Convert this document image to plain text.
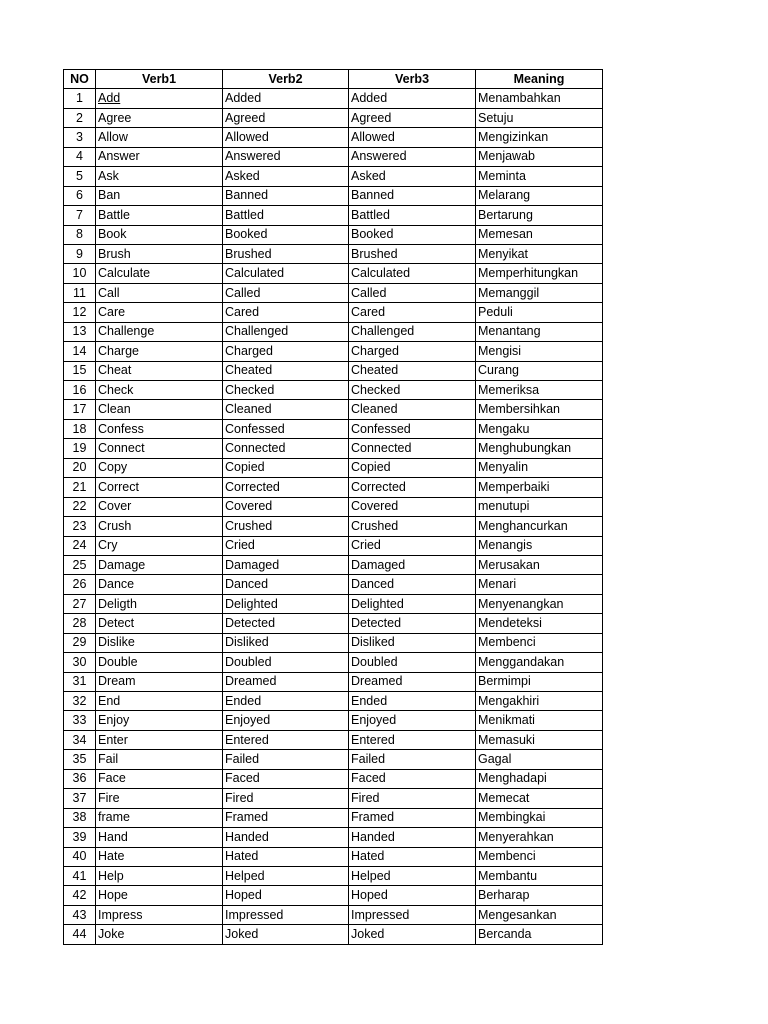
NO	Verb1	Verb2	Verb3	Meaning
1	Add	Added	Added	Menambahkan
2	Agree	Agreed	Agreed	Setuju
3	Allow	Allowed	Allowed	Mengizinkan
4	Answer	Answered	Answered	Menjawab
5	Ask	Asked	Asked	Meminta
6	Ban	Banned	Banned	Melarang
7	Battle	Battled	Battled	Bertarung
8	Book	Booked	Booked	Memesan
9	Brush	Brushed	Brushed	Menyikat
10	Calculate	Calculated	Calculated	Memperhitungkan
11	Call	Called	Called	Memanggil
12	Care	Cared	Cared	Peduli
13	Challenge	Challenged	Challenged	Menantang
14	Charge	Charged	Charged	Mengisi
15	Cheat	Cheated	Cheated	Curang
16	Check	Checked	Checked	Memeriksa
17	Clean	Cleaned	Cleaned	Membersihkan
18	Confess	Confessed	Confessed	Mengaku
19	Connect	Connected	Connected	Menghubungkan
20	Copy	Copied	Copied	Menyalin
21	Correct	Corrected	Corrected	Memperbaiki
22	Cover	Covered	Covered	menutupi
23	Crush	Crushed	Crushed	Menghancurkan
24	Cry	Cried	Cried	Menangis
25	Damage	Damaged	Damaged	Merusakan
26	Dance	Danced	Danced	Menari
27	Deligth	Delighted	Delighted	Menyenangkan
28	Detect	Detected	Detected	Mendeteksi
29	Dislike	Disliked	Disliked	Membenci
30	Double	Doubled	Doubled	Menggandakan
31	Dream	Dreamed	Dreamed	Bermimpi
32	End	Ended	Ended	Mengakhiri
33	Enjoy	Enjoyed	Enjoyed	Menikmati
34	Enter	Entered	Entered	Memasuki
35	Fail	Failed	Failed	Gagal
36	Face	Faced	Faced	Menghadapi
37	Fire	Fired	Fired	Memecat
38	frame	Framed	Framed	Membingkai
39	Hand	Handed	Handed	Menyerahkan
40	Hate	Hated	Hated	Membenci
41	Help	Helped	Helped	Membantu
42	Hope	Hoped	Hoped	Berharap
43	Impress	Impressed	Impressed	Mengesankan
44	Joke	Joked	Joked	Bercanda
